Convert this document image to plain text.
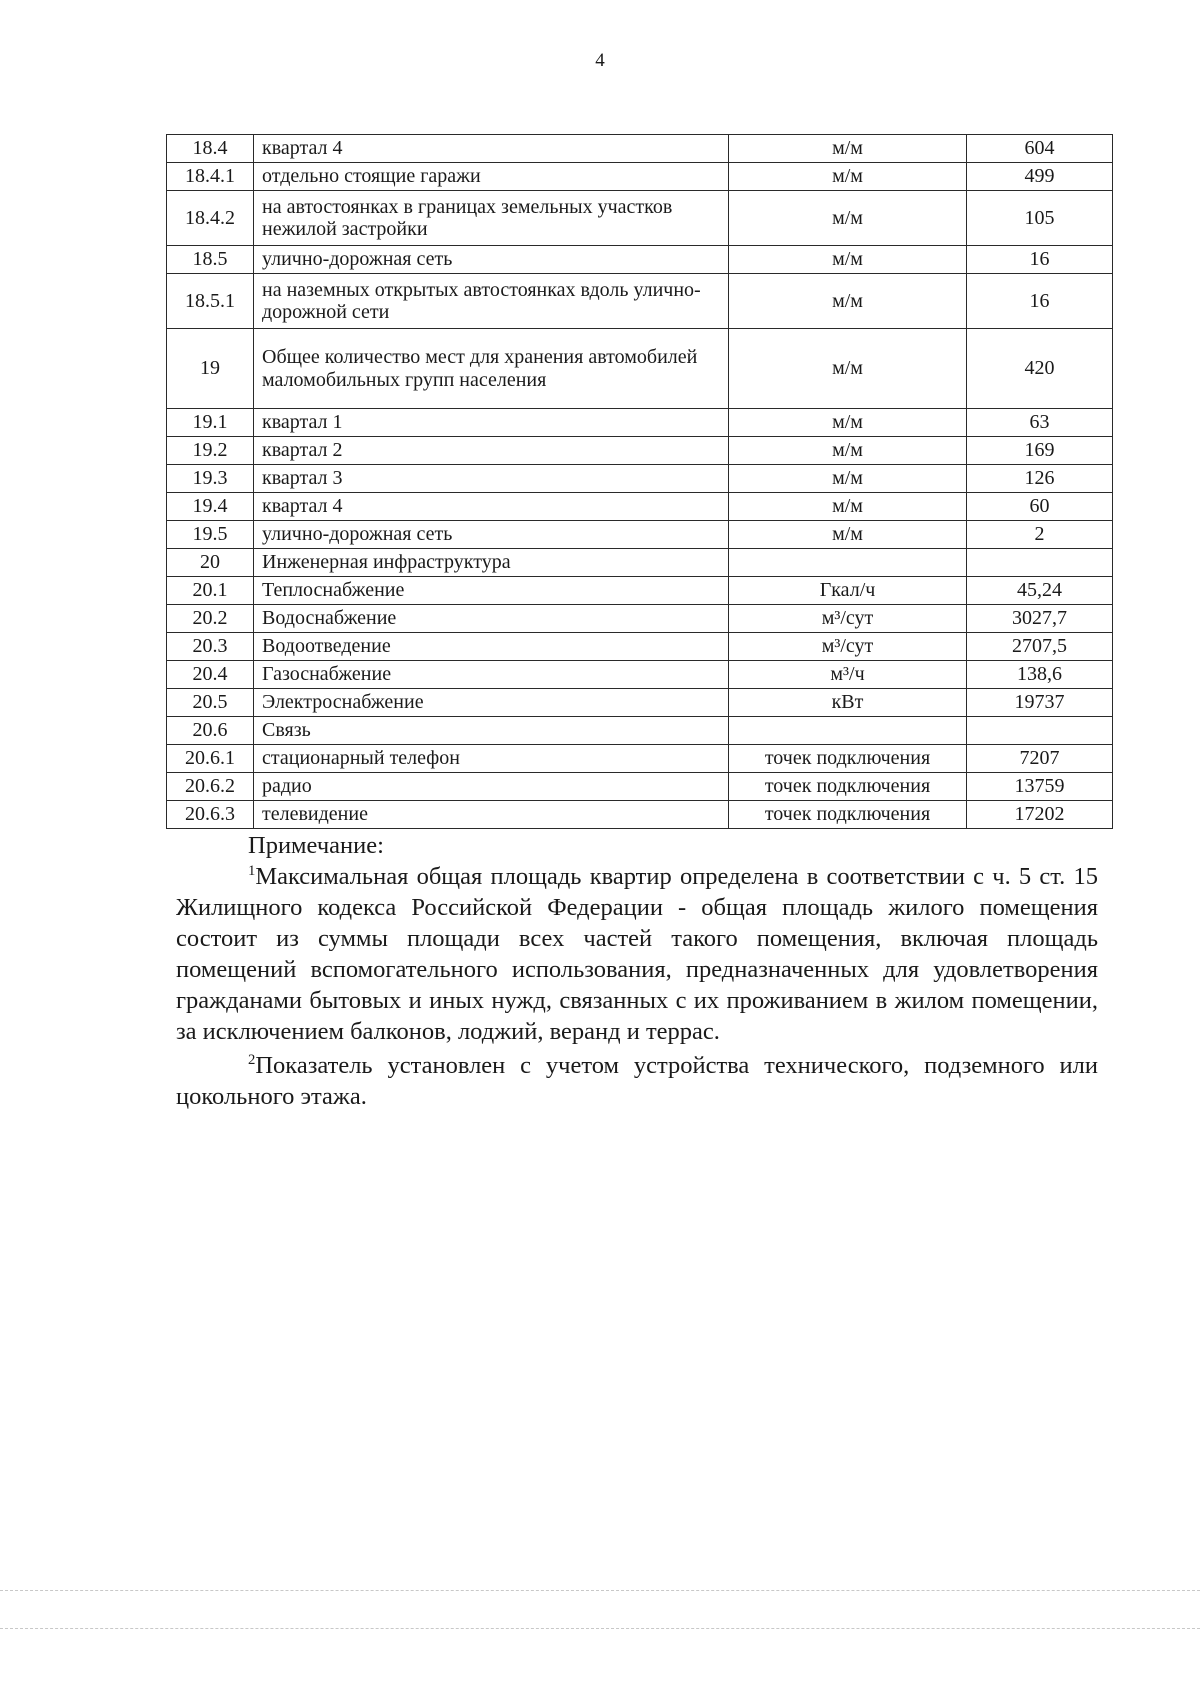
4
18.4	квартал 4	м/м	604
18.4.1	отдельно стоящие гаражи	м/м	499
18.4.2	на автостоянках в границах земельных участков нежилой застройки	м/м	105
18.5	улично-дорожная сеть	м/м	16
18.5.1	на наземных открытых автостоянках вдоль улично-дорожной сети	м/м	16
19	Общее количество мест для хранения автомобилей маломобильных групп населения	м/м	420
19.1	квартал 1	м/м	63
19.2	квартал 2	м/м	169
19.3	квартал 3	м/м	126
19.4	квартал 4	м/м	60
19.5	улично-дорожная сеть	м/м	2
20	Инженерная инфраструктура		
20.1	Теплоснабжение	Гкал/ч	45,24
20.2	Водоснабжение	м³/сут	3027,7
20.3	Водоотведение	м³/сут	2707,5
20.4	Газоснабжение	м³/ч	138,6
20.5	Электроснабжение	кВт	19737
20.6	Связь		
20.6.1	стационарный телефон	точек подключения	7207
20.6.2	радио	точек подключения	13759
20.6.3	телевидение	точек подключения	17202
Примечание:

$^1$Максимальная общая площадь квартир определена в соответствии с ч. 5 ст. 15 Жилищного кодекса Российской Федерации - общая площадь жилого помещения состоит из суммы площади всех частей такого помещения, включая площадь помещений вспомогательного использования, предназначенных для удовлетворения гражданами бытовых и иных нужд, связанных с их проживанием в жилом помещении, за исключением балконов, лоджий, веранд и террас.

$^2$Показатель установлен с учетом устройства технического, подземного или цокольного этажа.
